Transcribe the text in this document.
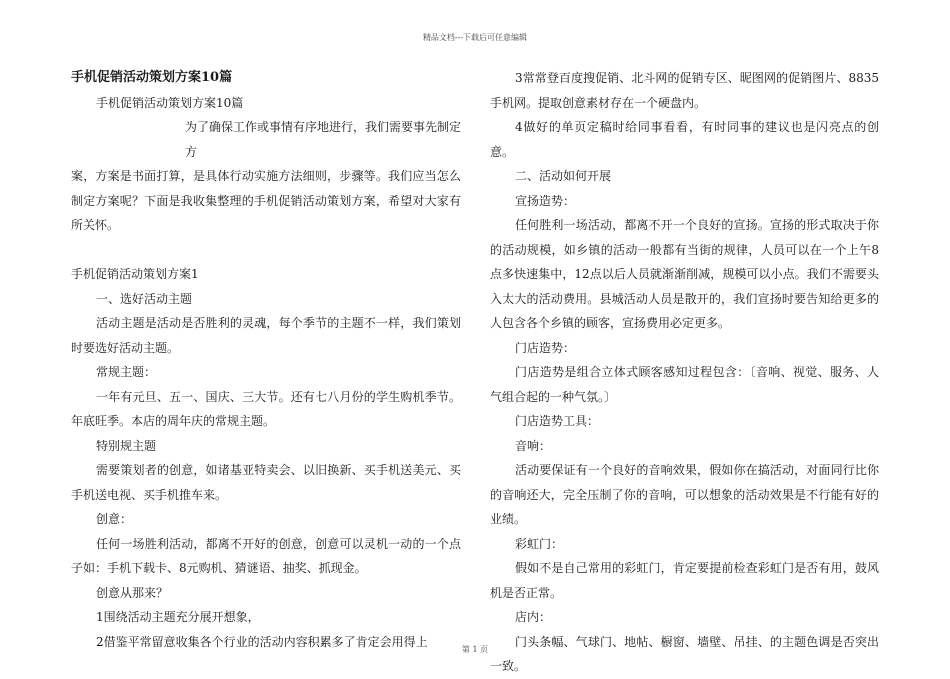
精品文档---下载后可任意编辑

手机促销活动策划方案10篇

手机促销活动策划方案10篇

为了确保工作或事情有序地进行，我们需要事先制定方

案，方案是书面打算，是具体行动实施方法细则，步骤等。我们应当怎么制定方案呢？下面是我收集整理的手机促销活动策划方案，希望对大家有所关怀。

手机促销活动策划方案1

一、选好活动主题

活动主题是活动是否胜利的灵魂，每个季节的主题不一样，我们策划时要选好活动主题。

常规主题：

一年有元旦、五一、国庆、三大节。还有七八月份的学生购机季节。年底旺季。本店的周年庆的常规主题。

特别规主题

需要策划者的创意，如诸基亚特卖会、以旧换新、买手机送美元、买手机送电视、买手机推车来。

创意：

任何一场胜利活动，都离不开好的创意，创意可以灵机一动的一个点子如：手机下载卡、8元购机、猜谜语、抽奖、抓现金。

创意从那来？

1围绕活动主题充分展开想象，

2借鉴平常留意收集各个行业的活动内容积累多了肯定会用得上

3常常登百度搜促销、北斗网的促销专区、昵图网的促销图片、8835手机网。提取创意素材存在一个硬盘内。

4做好的单页定稿时给同事看看，有时同事的建议也是闪亮点的创意。

二、活动如何开展

宣扬造势：

任何胜利一场活动，都离不开一个良好的宣扬。宣扬的形式取决于你的活动规模，如乡镇的活动一般都有当街的规律，人员可以在一个上午8点多快速集中，12点以后人员就渐渐削减，规模可以小点。我们不需要头入太大的活动费用。县城活动人员是散开的，我们宣扬时要告知给更多的人包含各个乡镇的顾客，宣扬费用必定更多。

门店造势：

门店造势是组合立体式顾客感知过程包含：〔音响、视觉、服务、人气组合起的一种气氛。〕

门店造势工具：

音响：

活动要保证有一个良好的音响效果，假如你在搞活动，对面同行比你的音响还大，完全压制了你的音响，可以想象的活动效果是不行能有好的业绩。

彩虹门：

假如不是自己常用的彩虹门，肯定要提前检查彩虹门是否有用，鼓风机是否正常。

店内：

门头条幅、气球门、地帖、橱窗、墙壁、吊挂、的主题色调是否突出一致。

第 1 页
